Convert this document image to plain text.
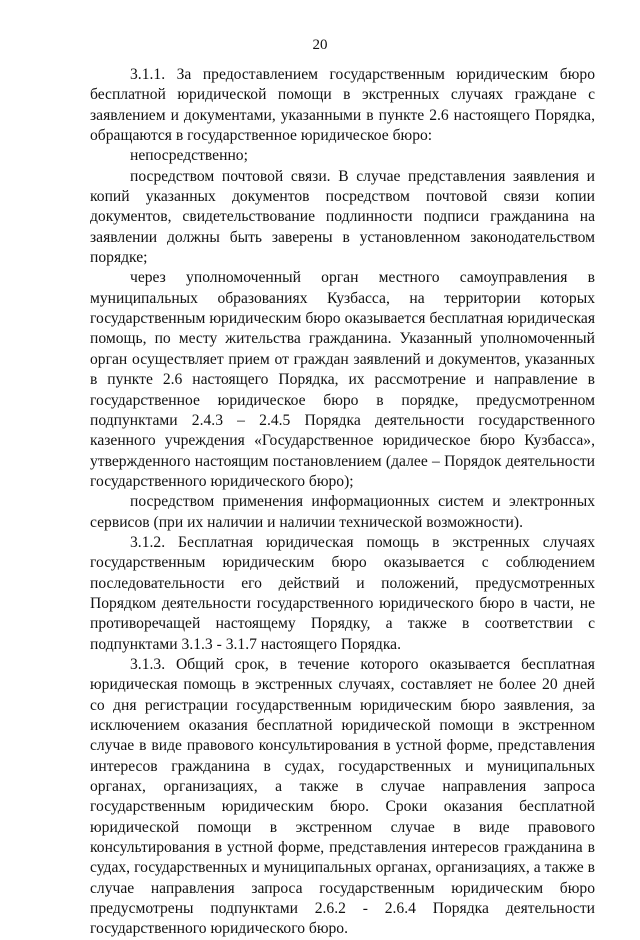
20

3.1.1. За предоставлением государственным юридическим бюро бесплатной юридической помощи в экстренных случаях граждане с заявлением и документами, указанными в пункте 2.6 настоящего Порядка, обращаются в государственное юридическое бюро:

непосредственно;

посредством почтовой связи. В случае представления заявления и копий указанных документов посредством почтовой связи копии документов, свидетельствование подлинности подписи гражданина на заявлении должны быть заверены в установленном законодательством порядке;

через уполномоченный орган местного самоуправления в муниципальных образованиях Кузбасса, на территории которых государственным юридическим бюро оказывается бесплатная юридическая помощь, по месту жительства гражданина. Указанный уполномоченный орган осуществляет прием от граждан заявлений и документов, указанных в пункте 2.6 настоящего Порядка, их рассмотрение и направление в государственное юридическое бюро в порядке, предусмотренном подпунктами 2.4.3 – 2.4.5 Порядка деятельности государственного казенного учреждения «Государственное юридическое бюро Кузбасса», утвержденного настоящим постановлением (далее – Порядок деятельности государственного юридического бюро);

посредством применения информационных систем и электронных сервисов (при их наличии и наличии технической возможности).

3.1.2. Бесплатная юридическая помощь в экстренных случаях государственным юридическим бюро оказывается с соблюдением последовательности его действий и положений, предусмотренных Порядком деятельности государственного юридического бюро в части, не противоречащей настоящему Порядку, а также в соответствии с подпунктами 3.1.3 - 3.1.7 настоящего Порядка.

3.1.3. Общий срок, в течение которого оказывается бесплатная юридическая помощь в экстренных случаях, составляет не более 20 дней со дня регистрации государственным юридическим бюро заявления, за исключением оказания бесплатной юридической помощи в экстренном случае в виде правового консультирования в устной форме, представления интересов гражданина в судах, государственных и муниципальных органах, организациях, а также в случае направления запроса государственным юридическим бюро. Сроки оказания бесплатной юридической помощи в экстренном случае в виде правового консультирования в устной форме, представления интересов гражданина в судах, государственных и муниципальных органах, организациях, а также в случае направления запроса государственным юридическим бюро предусмотрены подпунктами 2.6.2 - 2.6.4 Порядка деятельности государственного юридического бюро.
